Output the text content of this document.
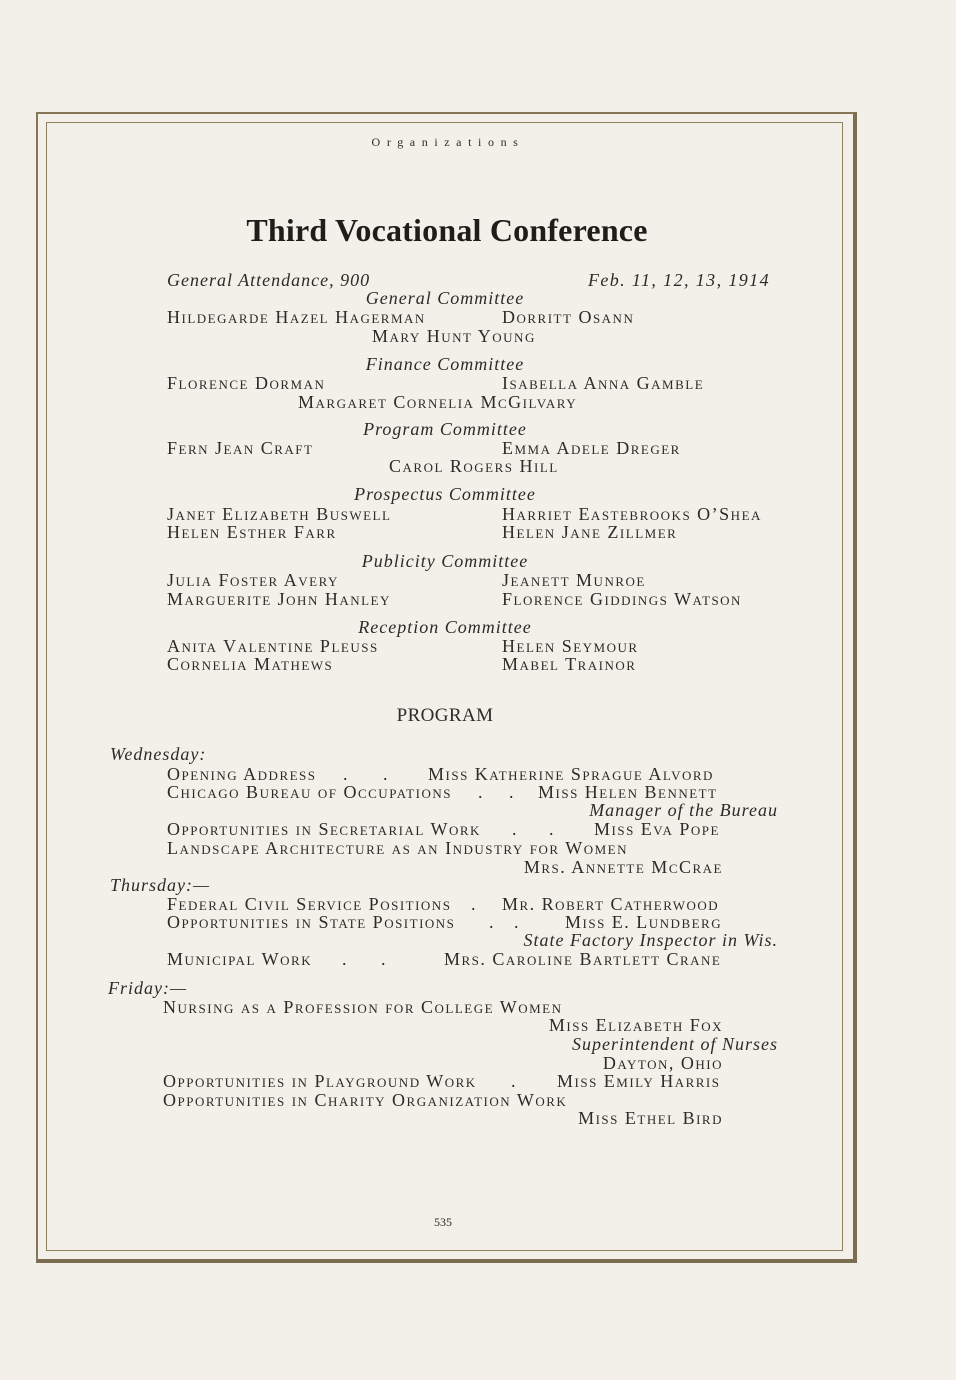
Organizations
Third Vocational Conference
General Attendance, 900	Feb. 11, 12, 13, 1914
General Committee
Hildegarde Hazel Hagerman	Dorritt Osann
Mary Hunt Young
Finance Committee
Florence Dorman	Isabella Anna Gamble
Margaret Cornelia McGilvary
Program Committee
Fern Jean Craft	Emma Adele Dreger
Carol Rogers Hill
Prospectus Committee
Janet Elizabeth Buswell	Harriet Eastebrooks O’Shea
Helen Esther Farr	Helen Jane Zillmer
Publicity Committee
Julia Foster Avery	Jeanett Munroe
Marguerite John Hanley	Florence Giddings Watson
Reception Committee
Anita Valentine Pleuss	Helen Seymour
Cornelia Mathews	Mabel Trainor
PROGRAM
Wednesday:
Opening Address . . Miss Katherine Sprague Alvord
Chicago Bureau of Occupations . . Miss Helen Bennett
Manager of the Bureau
Opportunities in Secretarial Work . . Miss Eva Pope
Landscape Architecture as an Industry for Women
Mrs. Annette McCrae
Thursday:—
Federal Civil Service Positions . Mr. Robert Catherwood
Opportunities in State Positions . .	Miss E. Lundberg
State Factory Inspector in Wis.
Municipal Work . .	Mrs. Caroline Bartlett Crane
Friday:—
Nursing as a Profession for College Women
Miss Elizabeth Fox
Superintendent of Nurses
Dayton, Ohio
Opportunities in Playground Work . Miss Emily Harris
Opportunities in Charity Organization Work
Miss Ethel Bird
535
